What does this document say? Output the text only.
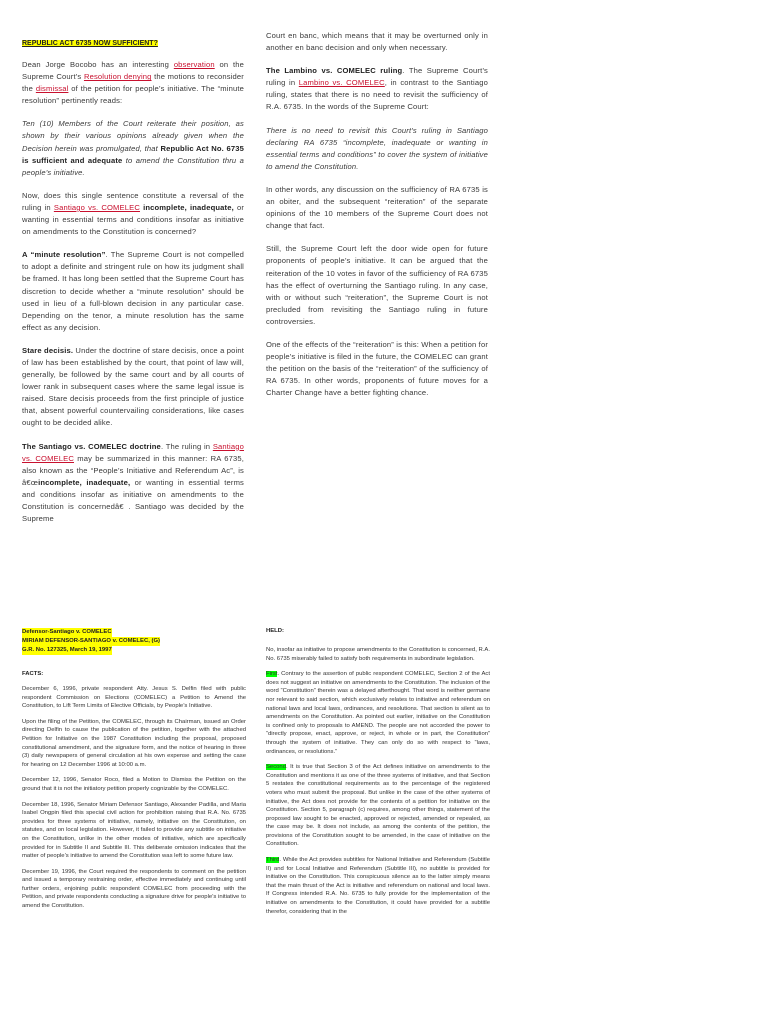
REPUBLIC ACT 6735 NOW SUFFICIENT?

Dean Jorge Bocobo has an interesting observation on the Supreme Court’s Resolution denying the motions to reconsider the dismissal of the petition for people’s initiative. The “minute resolution” pertinently reads:

Ten (10) Members of the Court reiterate their position, as shown by their various opinions already given when the Decision herein was promulgated, that Republic Act No. 6735 is sufficient and adequate to amend the Constitution thru a people’s initiative.

Now, does this single sentence constitute a reversal of the ruling in Santiago vs. COMELEC incomplete, inadequate, or wanting in essential terms and conditions insofar as initiative on amendments to the Constitution is concerned?

A “minute resolution”. The Supreme Court is not compelled to adopt a definite and stringent rule on how its judgment shall be framed. It has long been settled that the Supreme Court has discretion to decide whether a “minute resolution” should be used in lieu of a full-blown decision in any particular case. Depending on the tenor, a minute resolution has the same effect as any decision.

Stare decisis. Under the doctrine of stare decisis, once a point of law has been established by the court, that point of law will, generally, be followed by the same court and by all courts of lower rank in subsequent cases where the same legal issue is raised. Stare decisis proceeds from the first principle of justice that, absent powerful countervailing considerations, like cases ought to be decided alike.

The Santiago vs. COMELEC doctrine. The ruling in Santiago vs. COMELEC may be summarized in this manner: RA 6735, also known as the “People’s Initiative and Referendum Ac”, is â€œincomplete, inadequate, or wanting in essential terms and conditions insofar as initiative on amendments to the Constitution is concernedâ€. Santiago was decided by the Supreme

Court en banc, which means that it may be overturned only in another en banc decision and only when necessary.

The Lambino vs. COMELEC ruling. The Supreme Court’s ruling in Lambino vs. COMELEC, in contrast to the Santiago ruling, states that there is no need to revisit the sufficiency of R.A. 6735. In the words of the Supreme Court:

There is no need to revisit this Court’s ruling in Santiago declaring RA 6735 “incomplete, inadequate or wanting in essential terms and conditions” to cover the system of initiative to amend the Constitution.

In other words, any discussion on the sufficiency of RA 6735 is an obiter, and the subsequent “reiteration” of the separate opinions of the 10 members of the Supreme Court does not change that fact.

Still, the Supreme Court left the door wide open for future proponents of people’s initiative. It can be argued that the reiteration of the 10 votes in favor of the sufficiency of RA 6735 has the effect of overturning the Santiago ruling. In any case, with or without such “reiteration”, the Supreme Court is not precluded from revisiting the Santiago ruling in future controversies.

One of the effects of the “reiteration” is this: When a petition for people’s initiative is filed in the future, the COMELEC can grant the petition on the basis of the “reiteration” of the sufficiency of RA 6735. In other words, proponents of future moves for a Charter Change have a better fighting chance.

Defensor-Santiago v. COMELEC
MIRIAM DEFENSOR-SANTIAGO v. COMELEC, (G)
G.R. No. 127325, March 19, 1997
FACTS:

December 6, 1996, private respondent Atty. Jesus S. Delfin filed with public respondent Commission on Elections (COMELEC) a Petition to Amend the Constitution, to Lift Term Limits of Elective Officials, by People’s Initiative.

Upon the filing of the Petition, the COMELEC, through its Chairman, issued an Order directing Delfin to cause the publication of the petition, together with the attached Petition for Initiative on the 1987 Constitution including the proposal, proposed constitutional amendment, and the signature form, and the notice of hearing in three (3) daily newspapers of general circulation at his own expense and setting the case for hearing on 12 December 1996 at 10:00 a.m.

December 12, 1996, Senator Roco, filed a Motion to Dismiss the Petition on the ground that it is not the initiatory petition properly cognizable by the COMELEC.

December 18, 1996, Senator Miriam Defensor Santiago, Alexander Padilla, and Maria Isabel Ongpin filed this special civil action for prohibition raising that R.A. No. 6735 provides for three systems of initiative, namely, initiative on the Constitution, on statutes, and on local legislation. However, it failed to provide any subtitle on initiative on the Constitution, unlike in the other modes of initiative, which are specifically provided for in Subtitle II and Subtitle III. This deliberate omission indicates that the matter of people’s initiative to amend the Constitution was left to some future law.

December 19, 1996, the Court required the respondents to comment on the petition and issued a temporary restraining order, effective immediately and continuing until further orders, enjoining public respondent COMELEC from proceeding with the Petition, and private respondents conducting a signature drive for people’s initiative to amend the Constitution.

HELD:

No, insofar as initiative to propose amendments to the Constitution is concerned, R.A. No. 6735 miserably failed to satisfy both requirements in subordinate legislation.

First. Contrary to the assertion of public respondent COMELEC, Section 2 of the Act does not suggest an initiative on amendments to the Constitution. The inclusion of the word “Constitution” therein was a delayed afterthought. That word is neither germane nor relevant to said section, which exclusively relates to initiative and referendum on national laws and local laws, ordinances, and resolutions. That section is silent as to amendments on the Constitution. As pointed out earlier, initiative on the Constitution is confined only to proposals to AMEND. The people are not accorded the power to “directly propose, enact, approve, or reject, in whole or in part, the Constitution” through the system of initiative. They can only do so with respect to “laws, ordinances, or resolutions.”

Second. It is true that Section 3 of the Act defines initiative on amendments to the Constitution and mentions it as one of the three systems of initiative, and that Section 5 restates the constitutional requirements as to the percentage of the registered voters who must submit the proposal. But unlike in the case of the other systems of initiative, the Act does not provide for the contents of a petition for initiative on the Constitution. Section 5, paragraph (c) requires, among other things, statement of the proposed law sought to be enacted, approved or rejected, amended or repealed, as the case may be. It does not include, as among the contents of the petition, the provisions of the Constitution sought to be amended, in the case of initiative on the Constitution.

Third. While the Act provides subtitles for National Initiative and Referendum (Subtitle II) and for Local Initiative and Referendum (Subtitle III), no subtitle is provided for initiative on the Constitution. This conspicuous silence as to the latter simply means that the main thrust of the Act is initiative and referendum on national and local laws. If Congress intended R.A. No. 6735 to fully provide for the implementation of the initiative on amendments to the Constitution, it could have provided for a subtitle therefor, considering that in the
